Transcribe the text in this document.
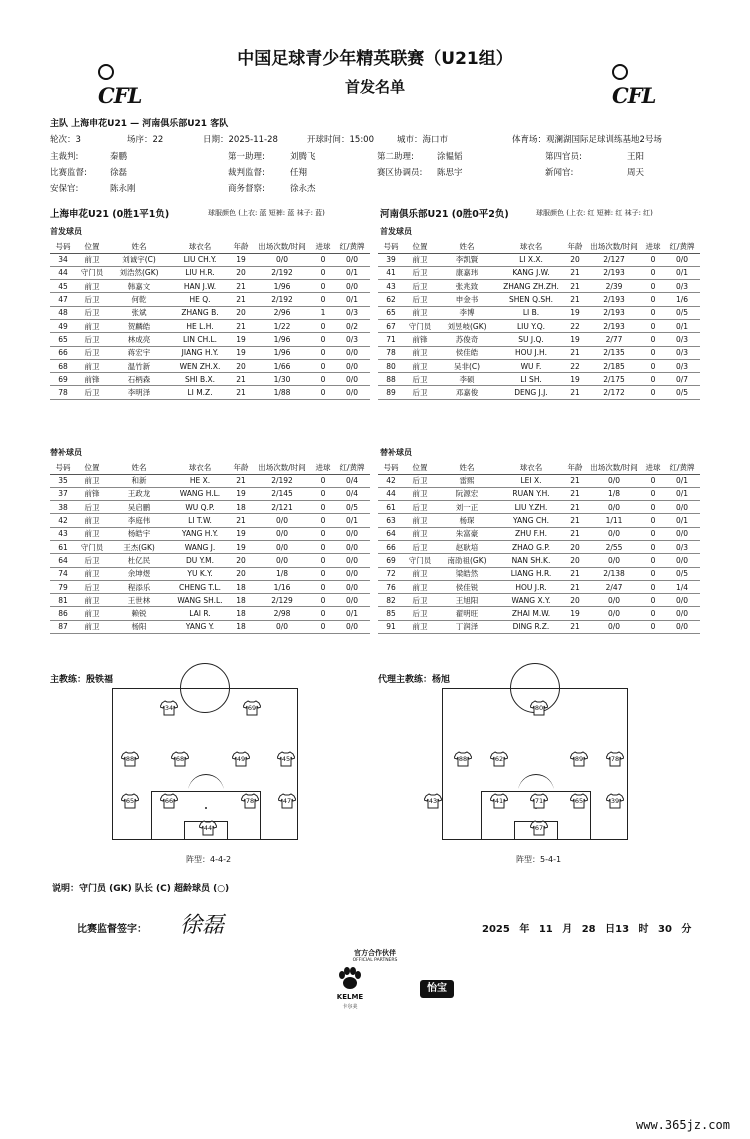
CFL	CFL
中国足球青少年精英联赛（U21组）
首发名单
主队 上海申花U21 — 河南俱乐部U21 客队
轮次：3	场序：22	日期：2025-11-28	开球时间：15:00	城市：海口市	体育场：观澜湖国际足球训练基地2号场
主裁判:	秦鹏	第一助理:	刘腾飞	第二助理:	涂韫韬	第四官员:	王阳
比赛监督:	徐磊	裁判监督:	任翔	赛区协调员: 陈思宇	新闻官:	周天
安保官:	陈永刚	商务督察:	徐永杰
上海申花U21 (0胜1平1负)	球服颜色 (上衣: 蓝 短裤: 蓝 袜子: 蓝)
首发球员
号码	位置	姓名	球衣名	年龄	出场次数/时间	进球	红/黄牌
34	前卫	刘诚宇(C)	LIU CH.Y.	19	0/0	0	0/0
44	守门员	刘浩然(GK)	LIU H.R.	20	2/192	0	0/1
45	前卫	韩嘉文	HAN J.W.	21	1/96	0	0/0
47	后卫	何乾	HE Q.	21	2/192	0	0/1
48	后卫	张斌	ZHANG B.	20	2/96	1	0/3
49	前卫	贺麟皓	HE L.H.	21	1/22	0	0/2
65	后卫	林成亮	LIN CH.L.	19	1/96	0	0/3
66	后卫	蒋宏宇	JIANG H.Y.	19	1/96	0	0/0
68	前卫	温竹新	WEN ZH.X.	20	1/66	0	0/0
69	前锋	石柄森	SHI B.X.	21	1/30	0	0/0
78	后卫	李明泽	LI M.Z.	21	1/88	0	0/0
替补球员
号码	位置	姓名	球衣名	年龄	出场次数/时间	进球	红/黄牌
35	前卫	和新	HE X.	21	2/192	0	0/4
37	前锋	王政龙	WANG H.L.	19	2/145	0	0/4
38	后卫	吴启鹏	WU Q.P.	18	2/121	0	0/5
42	前卫	李庭伟	LI T.W.	21	0/0	0	0/1
43	前卫	杨皓宇	YANG H.Y.	19	0/0	0	0/0
61	守门员	王杰(GK)	WANG J.	19	0/0	0	0/0
64	后卫	杜亿民	DU Y.M.	20	0/0	0	0/0
74	前卫	余坤煜	YU K.Y.	20	1/8	0	0/0
79	后卫	程添乐	CHENG T.L.	18	1/16	0	0/0
81	前卫	王世林	WANG SH.L.	18	2/129	0	0/0
86	前卫	赖锐	LAI R.	18	2/98	0	0/1
87	前卫	杨阳	YANG Y.	18	0/0	0	0/0
河南俱乐部U21 (0胜0平2负)	球服颜色 (上衣: 红 短裤: 红 袜子: 红)
首发球员
号码	位置	姓名	球衣名	年龄	出场次数/时间	进球	红/黄牌
39	前卫	李凯賢	LI X.X.	20	2/127	0	0/0
41	后卫	康嘉玮	KANG J.W.	21	2/193	0	0/1
43	后卫	张兆致	ZHANG ZH.ZH.	21	2/39	0	0/3
62	后卫	申金书	SHEN Q.SH.	21	2/193	0	1/6
65	前卫	李博	LI B.	19	2/193	0	0/5
67	守门员	刘昱岐(GK)	LIU Y.Q.	22	2/193	0	0/1
71	前锋	苏俊奇	SU J.Q.	19	2/77	0	0/3
78	前卫	侯佳皓	HOU J.H.	21	2/135	0	0/3
80	前卫	吴非(C)	WU F.	22	2/185	0	0/3
88	后卫	李硕	LI SH.	19	2/175	0	0/7
89	后卫	邓嘉俊	DENG J.J.	21	2/172	0	0/5
替补球员
号码	位置	姓名	球衣名	年龄	出场次数/时间	进球	红/黄牌
42	后卫	雷熙	LEI X.	21	0/0	0	0/1
44	前卫	阮源宏	RUAN Y.H.	21	1/8	0	0/1
61	后卫	刘一正	LIU Y.ZH.	21	0/0	0	0/0
63	前卫	杨琛	YANG CH.	21	1/11	0	0/1
64	前卫	朱富豪	ZHU F.H.	21	0/0	0	0/0
66	后卫	赵耿培	ZHAO G.P.	20	2/55	0	0/3
69	守门员	南劭祖(GK)	NAN SH.K.	20	0/0	0	0/0
72	前卫	梁皓然	LIANG H.R.	21	2/138	0	0/5
76	前卫	侯佳锐	HOU J.R.	21	2/47	0	1/4
82	后卫	王旭阳	WANG X.Y.	20	0/0	0	0/0
85	后卫	翟明旺	ZHAI M.W.	19	0/0	0	0/0
91	前卫	丁润泽	DING R.Z.	21	0/0	0	0/0
主教练：殷铁福	代理主教练：杨旭
34	69
88	68	49	45
65	66	78	47
44
80
88	62	89	78
43	41	71	65	39
67
阵型：4-4-2	阵型：5-4-1
说明：守门员 (GK) 队长 (C) 超龄球员 (○)
比赛监督签字： 徐磊	2025 年 11 月 28 日13 时 30 分
官方合作伙伴
OFFICIAL PARTNERS
KELME
卡尔美
怡宝
www.365jz.com
